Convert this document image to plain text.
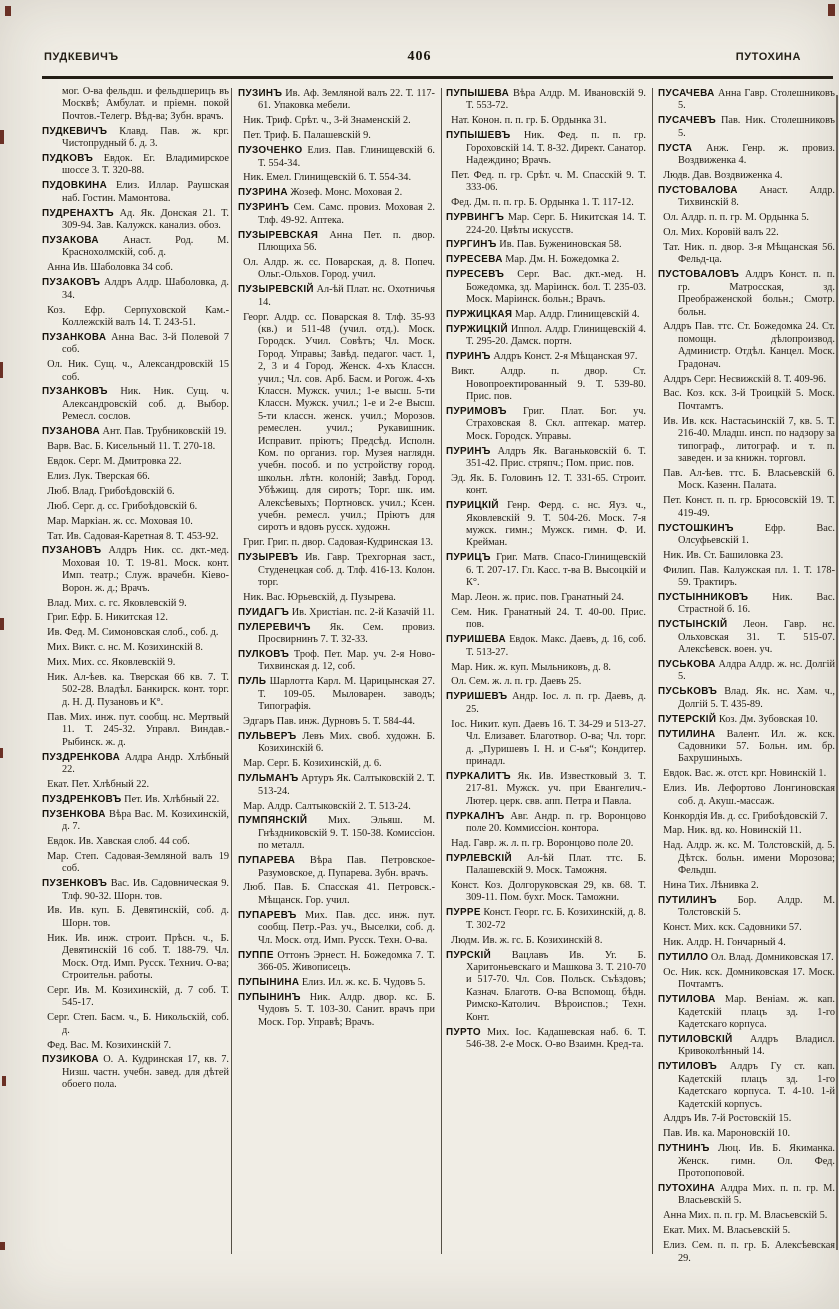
ПУДКЕВИЧЪ	406	ПУТОХИНА

мог. О-ва фельдш. и фельдшерицъ въ Москвѣ; Амбулат. и пріемн. покой Почтов.-Телегр. Вѣд-ва; Зубн. врачъ.

ПУДКЕВИЧЪ Клавд. Пав. ж. крг. Чистопрудный б. д. 3.

ПУДКОВЪ Евдок. Ег. Владимирское шоссе 3. Т. 320-88.

ПУДОВКИНА Елиз. Иллар. Раушская наб. Гостин. Мамонтова.

ПУДРЕНАХТЪ Ад. Як. Донская 21. Т. 309-94. Зав. Калужск. канализ. обоз.

ПУЗАКОВА Анаст. Род. М. Краснохолмскій, соб. д.

 Анна Ив. Шаболовка 34 соб.

ПУЗАКОВЪ Алдръ Алдр. Шаболовка, д. 34.

 Коз. Ефр. Серпуховской Кам.-Коллежскій валъ 14. Т. 243-51.

ПУЗАНКОВА Анна Вас. 3-й Полевой 7 соб.

 Ол. Ник. Сущ. ч., Александровскій 15 соб.

ПУЗАНКОВЪ Ник. Ник. Сущ. ч. Александровскій соб. д. Выбор. Ремесл. сослов.

ПУЗАНОВА Ант. Пав. Трубниковскій 19.

 Варв. Вас. Б. Кисельный 11. Т. 270-18.

 Евдок. Серг. М. Дмитровка 22.

 Елиз. Лук. Тверская 66.

 Люб. Влад. Грибоѣдовскій 6.

 Люб. Серг. д. сс. Грибоѣдовскій 6.

 Мар. Маркіан. ж. сс. Моховая 10.

 Тат. Ив. Садовая-Каретная 8. Т. 453-92.

ПУЗАНОВЪ Алдръ Ник. сс. дкт.-мед. Моховая 10. Т. 19-81. Моск. конт. Имп. театр.; Служ. врачебн. Кіево-Ворон. ж. д.; Врачъ.

 Влад. Мих. с. гс. Яковлевскій 9.

 Григ. Ефр. Б. Никитская 12.

 Ив. Фед. М. Симоновская слоб., соб. д.

 Мих. Викт. с. нс. М. Козихинскій 8.

 Мих. Мих. сс. Яковлевскій 9.

 Ник. Ал-ѣев. ка. Тверская 66 кв. 7. Т. 502-28. Владѣл. Банкирск. конт. торг. д. Н. Д. Пузановъ и К°.

 Пав. Мих. инж. пут. сообщ. нс. Мертвый 11. Т. 245-32. Управл. Виндав.-Рыбинск. ж. д.

ПУЗДРЕНКОВА Алдра Андр. Хлѣбный 22.

 Екат. Пет. Хлѣбный 22.

ПУЗДРЕНКОВЪ Пет. Ив. Хлѣбный 22.

ПУЗЕНКОВА Вѣра Вас. М. Козихинскій, д. 7.

 Евдок. Ив. Хавская слоб. 44 соб.

 Мар. Степ. Садовая-Земляной валъ 19 соб.

ПУЗЕНКОВЪ Вас. Ив. Садовническая 9. Тлф. 90-32. Шорн. тов.

 Ив. Ив. куп. Б. Девятинскій, соб. д. Шорн. тов.

 Ник. Ив. инж. строит. Прѣсн. ч., Б. Девятинскій 16 соб. Т. 188-79. Чл. Моск. Отд. Имп. Русск. Технич. О-ва; Строительн. работы.

 Серг. Ив. М. Козихинскій, д. 7 соб. Т. 545-17.

 Серг. Степ. Басм. ч., Б. Никольскій, соб. д.

 Фед. Вас. М. Козихинскій 7.

ПУЗИКОВА О. А. Кудринская 17, кв. 7. Низш. частн. учебн. завед. для дѣтей обоего пола.

ПУЗИНЪ Ив. Аф. Земляной валъ 22. Т. 117-61. Упаковка мебели.

 Ник. Триф. Срѣт. ч., 3-й Знаменскій 2.

 Пет. Триф. Б. Палашевскій 9.

ПУЗОЧЕНКО Елиз. Пав. Глинищевскій 6. Т. 554-34.

 Ник. Емел. Глинищевскій 6. Т. 554-34.

ПУЗРИНА Жозеф. Монс. Моховая 2.

ПУЗРИНЪ Сем. Самс. провиз. Моховая 2. Тлф. 49-92. Аптека.

ПУЗЫРЕВСКАЯ Анна Пет. п. двор. Плющиха 56.

 Ол. Алдр. ж. сс. Поварская, д. 8. Попеч. Ольг.-Ольхов. Город. учил.

ПУЗЫРЕВСКІЙ Ал-ѣй Плат. нс. Охотничья 14.

 Георг. Алдр. сс. Поварская 8. Тлф. 35-93 (кв.) и 511-48 (учил. отд.). Моск. Городск. Учил. Совѣтъ; Чл. Моск. Город. Управы; Завѣд. педагог. част. 1, 2, 3 и 4 Город. Женск. 4-хъ Классн. учил.; Чл. сов. Арб. Басм. и Рогож. 4-хъ Классн. Мужск. учил.; 1-е высш. 5-ти Классн. Мужск. учил.; 1-е и 2-е Высш. 5-ти классн. женск. учил.; Морозов. ремеслен. учил.; Рукавишник. Исправит. пріютъ; Предсѣд. Исполн. Ком. по организ. гор. Музея наглядн. учебн. пособ. и по устройству город. школьн. лѣтн. колоній; Завѣд. Город. Убѣжищ. для сиротъ; Торг. шк. им. Алексѣевыхъ; Портновск. учил.; Ксен. учебн. ремесл. учил.; Пріютъ для сиротъ и вдовъ русск. художн.

 Григ. Григ. п. двор. Садовая-Кудринская 13.

ПУЗЫРЕВЪ Ив. Гавр. Трехгорная заст., Студенецкая соб. д. Тлф. 416-13. Колон. торг.

 Ник. Вас. Юрьевскій, д. Пузырева.

ПУИДАГЪ Ив. Христіан. пс. 2-й Казачій 11.

ПУЛЕРЕВИЧЪ Як. Сем. провиз. Просвирнинъ 7. Т. 32-33.

ПУЛКОВЪ Троф. Пет. Мар. уч. 2-я Ново-Тихвинская д. 12, соб.

ПУЛЬ Шарлотта Карл. М. Царицынская 27. Т. 109-05. Мыловарен. заводъ; Типографія.

 Эдгаръ Пав. инж. Дурновъ 5. Т. 584-44.

ПУЛЬВЕРЪ Левъ Мих. своб. художн. Б. Козихинскій 6.

 Мар. Серг. Б. Козихинскій, д. 6.

ПУЛЬМАНЪ Артуръ Як. Салтыковскій 2. Т. 513-24.

 Мар. Алдр. Салтыковскій 2. Т. 513-24.

ПУМПЯНСКІЙ Мих. Эльяш. М. Гнѣздниковскій 9. Т. 150-38. Комиссіон. по металл.

ПУПАРЕВА Вѣра Пав. Петровское-Разумовское, д. Пупарева. Зубн. врачъ.

 Люб. Пав. Б. Спасская 41. Петровск.-Мѣщанск. Гор. учил.

ПУПАРЕВЪ Мих. Пав. дсс. инж. пут. сообщ. Петр.-Раз. уч., Выселки, соб. д. Чл. Моск. отд. Имп. Русск. Техн. О-ва.

ПУППЕ Оттонъ Эрнест. Н. Божедомка 7. Т. 366-05. Живописецъ.

ПУПЫНИНА Елиз. Ил. ж. кс. Б. Чудовъ 5.

ПУПЫНИНЪ Ник. Алдр. двор. кс. Б. Чудовъ 5. Т. 103-30. Санит. врачъ при Моск. Гор. Управѣ; Врачъ.

ПУПЫШЕВА Вѣра Алдр. М. Ивановскій 9. Т. 553-72.

 Нат. Конон. п. п. гр. Б. Ордынка 31.

ПУПЫШЕВЪ Ник. Фед. п. п. гр. Гороховскій 14. Т. 8-32. Директ. Санатор. Надеждино; Врачъ.

 Пет. Фед. п. гр. Срѣт. ч. М. Спасскій 9. Т. 333-06.

 Фед. Дм. п. п. гр. Б. Ордынка 1. Т. 117-12.

ПУРВИНГЪ Мар. Серг. Б. Никитская 14. Т. 224-20. Цвѣты искусств.

ПУРГИНЪ Ив. Пав. Бужениновская 58.

ПУРЕСЕВА Мар. Дм. Н. Божедомка 2.

ПУРЕСЕВЪ Серг. Вас. дкт.-мед. Н. Божедомка, зд. Маріинск. бол. Т. 235-03. Моск. Маріинск. больн.; Врачъ.

ПУРЖИЦКАЯ Мар. Алдр. Глинищевскій 4.

ПУРЖИЦКІЙ Иппол. Алдр. Глинищевскій 4. Т. 295-20. Дамск. портн.

ПУРИНЪ Алдръ Конст. 2-я Мѣщанская 97.

 Викт. Алдр. п. двор. Ст. Новопроектированный 9. Т. 539-80. Прис. пов.

ПУРИМОВЪ Григ. Плат. Бог. уч. Страховская 8. Скл. аптекар. матер. Моск. Городск. Управы.

ПУРИНЪ Алдръ Як. Ваганьковскій 6. Т. 351-42. Прис. стряпч.; Пом. прис. пов.

 Эд. Як. Б. Головинъ 12. Т. 331-65. Строит. конт.

ПУРИЦКІЙ Генр. Ферд. с. нс. Яуз. ч., Яковлевскій 9. Т. 504-26. Моск. 7-я мужск. гимн.; Мужск. гимн. Ф. И. Крейман.

ПУРИЦЪ Григ. Матв. Спасо-Глинищевскій 6. Т. 207-17. Гл. Касс. т-ва В. Высоцкій и К°.

 Мар. Леон. ж. прис. пов. Гранатный 24.

 Сем. Ник. Гранатный 24. Т. 40-00. Прис. пов.

ПУРИШЕВА Евдок. Макс. Даевъ, д. 16, соб. Т. 513-27.

 Мар. Ник. ж. куп. Мыльниковъ, д. 8.

 Ол. Сем. ж. л. п. гр. Даевъ 25.

ПУРИШЕВЪ Андр. Іос. л. п. гр. Даевъ, д. 25.

 Іос. Никит. куп. Даевъ 16. Т. 34-29 и 513-27. Чл. Елизавет. Благотвор. О-ва; Чл. торг. д. „Пуришевъ І. Н. и С-ья“; Кондитер. принадл.

ПУРКАЛИТЪ Як. Ив. Известковый 3. Т. 217-81. Мужск. уч. при Евангелич.-Лютер. церк. свв. апп. Петра и Павла.

ПУРКАЛНЪ Авг. Андр. п. гр. Воронцово поле 20. Коммиссіон. контора.

 Над. Гавр. ж. л. п. гр. Воронцово поле 20.

ПУРЛЕВСКІЙ Ал-ѣй Плат. ттс. Б. Палашевскій 9. Моск. Таможня.

 Конст. Коз. Долгоруковская 29, кв. 68. Т. 309-11. Пом. бухг. Моск. Таможни.

ПУРРЕ Конст. Георг. гс. Б. Козихинскій, д. 8. Т. 302-72

 Людм. Ив. ж. гс. Б. Козихинскій 8.

ПУРСКІЙ Вацлавъ Ив. Уг. Б. Харитоньевскаго и Машкова 3. Т. 210-70 и 517-70. Чл. Сов. Польск. Съѣздовъ; Казнач. Благотв. О-ва Вспомощ. бѣдн. Римско-Католич. Вѣроиспов.; Техн. Конт.

ПУРТО Мих. Іос. Кадашевская наб. 6. Т. 546-38. 2-е Моск. О-во Взаимн. Кред-та.

ПУСАЧЕВА Анна Гавр. Столешниковъ 5.

ПУСАЧЕВЪ Пав. Ник. Столешниковъ 5.

ПУСТА Анж. Генр. ж. провиз. Воздвиженка 4.

 Людв. Дав. Воздвиженка 4.

ПУСТОВАЛОВА Анаст. Алдр. Тихвинскій 8.

 Ол. Алдр. п. п. гр. М. Ордынка 5.

 Ол. Мих. Коровій валъ 22.

 Тат. Ник. п. двор. 3-я Мѣщанская 56. Фельд-ца.

ПУСТОВАЛОВЪ Алдръ Конст. п. п. гр. Матросская, зд. Преображенской больн.; Смотр. больн.

 Алдръ Пав. ттс. Ст. Божедомка 24. Ст. помощн. дѣлопроизвод. Администр. Отдѣл. Канцел. Моск. Градонач.

 Алдръ Серг. Несвижскій 8. Т. 409-96.

 Вас. Коз. кск. 3-й Троицкій 5. Моск. Почтамтъ.

 Ив. Ив. кск. Настасьинскій 7, кв. 5. Т. 216-40. Младш. инсп. по надзору за типограф., литограф. и т. п. заведен. и за книжн. торговл.

 Пав. Ал-ѣев. ттс. Б. Власьевскій 6. Моск. Казенн. Палата.

 Пет. Конст. п. п. гр. Брюсовскій 19. Т. 419-49.

ПУСТОШКИНЪ Ефр. Вас. Олсуфьевскій 1.

 Ник. Ив. Ст. Башиловка 23.

 Филип. Пав. Калужская пл. 1. Т. 178-59. Трактиръ.

ПУСТЫННИКОВЪ Ник. Вас. Страстной б. 16.

ПУСТЫНСКІЙ Леон. Гавр. нс. Ольховская 31. Т. 515-07. Алексѣевск. воен. уч.

ПУСЬКОВА Алдра Алдр. ж. нс. Долгій 5.

ПУСЬКОВЪ Влад. Як. нс. Хам. ч., Долгій 5. Т. 435-89.

ПУТЕРСКІЙ Коз. Дм. Зубовская 10.

ПУТИЛИНА Валент. Ил. ж. кск. Садовники 57. Больн. им. бр. Бахрушиныхъ.

 Евдок. Вас. ж. отст. крг. Новинскій 1.

 Елиз. Ив. Лефортово Лонгиновская соб. д. Акуш.-массаж.

 Конкордія Ив. д. сс. Грибоѣдовскій 7.

 Мар. Ник. вд. ко. Новинскій 11.

 Над. Алдр. ж. кс. М. Толстовскій, д. 5. Дѣтск. больн. имени Морозова; Фельдш.

 Нина Тих. Лѣнивка 2.

ПУТИЛИНЪ Бор. Алдр. М. Толстовскій 5.

 Конст. Мих. кск. Садовники 57.

 Ник. Алдр. Н. Гончарный 4.

ПУТИЛЛО Ол. Влад. Домниковская 17.

 Ос. Ник. кск. Домниковская 17. Моск. Почтамтъ.

ПУТИЛОВА Мар. Веніам. ж. кап. Кадетскій плацъ зд. 1-го Кадетскаго корпуса.

ПУТИЛОВСКІЙ Алдръ Владисл. Кривоколѣнный 14.

ПУТИЛОВЪ Алдръ Гу ст. кап. Кадетскій плацъ зд. 1-го Кадетскаго корпуса. Т. 4-10. 1-й Кадетскій корпусъ.

 Алдръ Ив. 7-й Ростовскій 15.

 Пав. Ив. ка. Мароновскій 10.

ПУТНИНЪ Люц. Ив. Б. Якиманка. Женск. гимн. Ол. Фед. Протопоповой.

ПУТОХИНА Алдра Мих. п. п. гр. М. Власьевскій 5.

 Анна Мих. п. п. гр. М. Власьевскій 5.

 Екат. Мих. М. Власьевскій 5.

 Елиз. Сем. п. п. гр. Б. Алексѣевская 29.
